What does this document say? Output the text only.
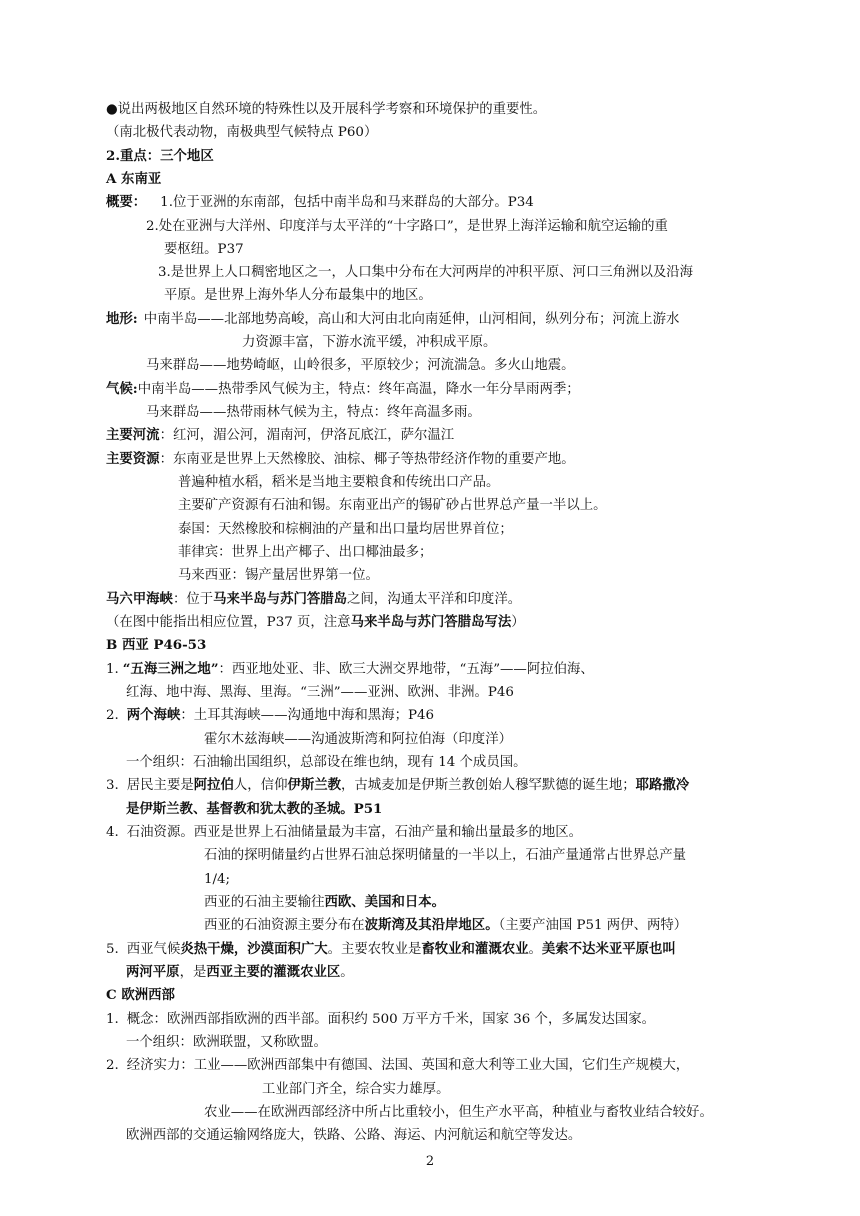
●说出两极地区自然环境的特殊性以及开展科学考察和环境保护的重要性。
（南北极代表动物，南极典型气候特点 P60）
2.重点：三个地区
A 东南亚
概要： 1.位于亚洲的东南部，包括中南半岛和马来群岛的大部分。P34
2.处在亚洲与大洋州、印度洋与太平洋的“十字路口”，是世界上海洋运输和航空运输的重
要枢纽。P37
3.是世界上人口稠密地区之一，人口集中分布在大河两岸的冲积平原、河口三角洲以及沿海
平原。是世界上海外华人分布最集中的地区。
地形: 中南半岛——北部地势高峻，高山和大河由北向南延伸，山河相间，纵列分布；河流上游水
力资源丰富，下游水流平缓，冲积成平原。
马来群岛——地势崎岖，山岭很多，平原较少；河流湍急。多火山地震。
气候:中南半岛——热带季风气候为主，特点：终年高温，降水一年分旱雨两季；
马来群岛——热带雨林气候为主，特点：终年高温多雨。
主要河流：红河，湄公河，湄南河，伊洛瓦底江，萨尔温江
主要资源：东南亚是世界上天然橡胶、油棕、椰子等热带经济作物的重要产地。
普遍种植水稻，稻米是当地主要粮食和传统出口产品。
主要矿产资源有石油和锡。东南亚出产的锡矿砂占世界总产量一半以上。
泰国：天然橡胶和棕榈油的产量和出口量均居世界首位；
菲律宾：世界上出产椰子、出口椰油最多；
马来西亚：锡产量居世界第一位。
马六甲海峡：位于马来半岛与苏门答腊岛之间，沟通太平洋和印度洋。
（在图中能指出相应位置，P37 页，注意马来半岛与苏门答腊岛写法）
B 西亚 P46-53
1. “五海三洲之地”：西亚地处亚、非、欧三大洲交界地带，“五海”——阿拉伯海、
红海、地中海、黑海、里海。“三洲”——亚洲、欧洲、非洲。P46
2. 两个海峡：土耳其海峡——沟通地中海和黑海；P46
霍尔木兹海峡——沟通波斯湾和阿拉伯海（印度洋）
一个组织：石油输出国组织，总部设在维也纳，现有 14 个成员国。
3. 居民主要是阿拉伯人，信仰伊斯兰教，古城麦加是伊斯兰教创始人穆罕默德的诞生地；耶路撒冷
是伊斯兰教、基督教和犹太教的圣城。P51
4. 石油资源。西亚是世界上石油储量最为丰富，石油产量和输出量最多的地区。
石油的探明储量约占世界石油总探明储量的一半以上，石油产量通常占世界总产量
1/4;
西亚的石油主要输往西欧、美国和日本。
西亚的石油资源主要分布在波斯湾及其沿岸地区。（主要产油国 P51 两伊、两特）
5. 西亚气候炎热干燥，沙漠面积广大。主要农牧业是畜牧业和灌溉农业。美索不达米亚平原也叫
两河平原，是西亚主要的灌溉农业区。
C 欧洲西部
1. 概念：欧洲西部指欧洲的西半部。面积约 500 万平方千米，国家 36 个，多属发达国家。
一个组织：欧洲联盟，又称欧盟。
2. 经济实力：工业——欧洲西部集中有德国、法国、英国和意大利等工业大国，它们生产规模大，
工业部门齐全，综合实力雄厚。
农业——在欧洲西部经济中所占比重较小，但生产水平高，种植业与畜牧业结合较好。
欧洲西部的交通运输网络庞大，铁路、公路、海运、内河航运和航空等发达。
2
